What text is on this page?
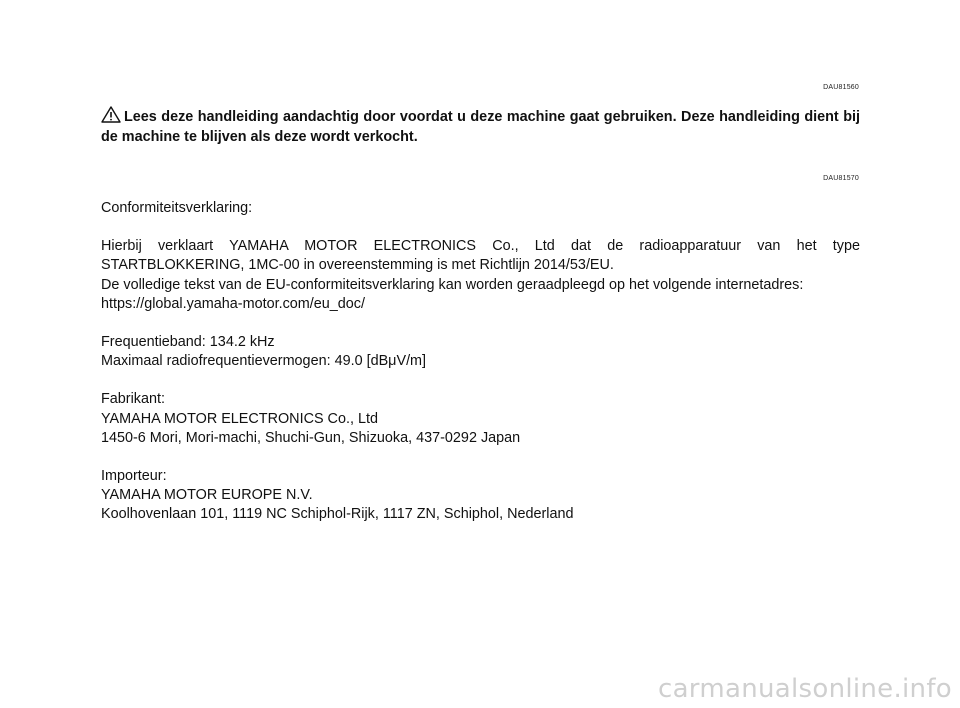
DAU81560
Lees deze handleiding aandachtig door voordat u deze machine gaat gebruiken. Deze handleiding dient bij de machine te blijven als deze wordt verkocht.
DAU81570

Conformiteitsverklaring:

Hierbij verklaart YAMAHA MOTOR ELECTRONICS Co., Ltd dat de radioapparatuur van het type STARTBLOKKERING, 1MC-00 in overeenstemming is met Richtlijn 2014/53/EU.

De volledige tekst van de EU-conformiteitsverklaring kan worden geraadpleegd op het volgende internetadres:

https://global.yamaha-motor.com/eu_doc/

Frequentieband: 134.2 kHz

Maximaal radiofrequentievermogen: 49.0 [dBμV/m]

Fabrikant:

YAMAHA MOTOR ELECTRONICS Co., Ltd

1450-6 Mori, Mori-machi, Shuchi-Gun, Shizuoka, 437-0292 Japan

Importeur:

YAMAHA MOTOR EUROPE N.V.

Koolhovenlaan 101, 1119 NC Schiphol-Rijk, 1117 ZN, Schiphol, Nederland

carmanualsonline.info
